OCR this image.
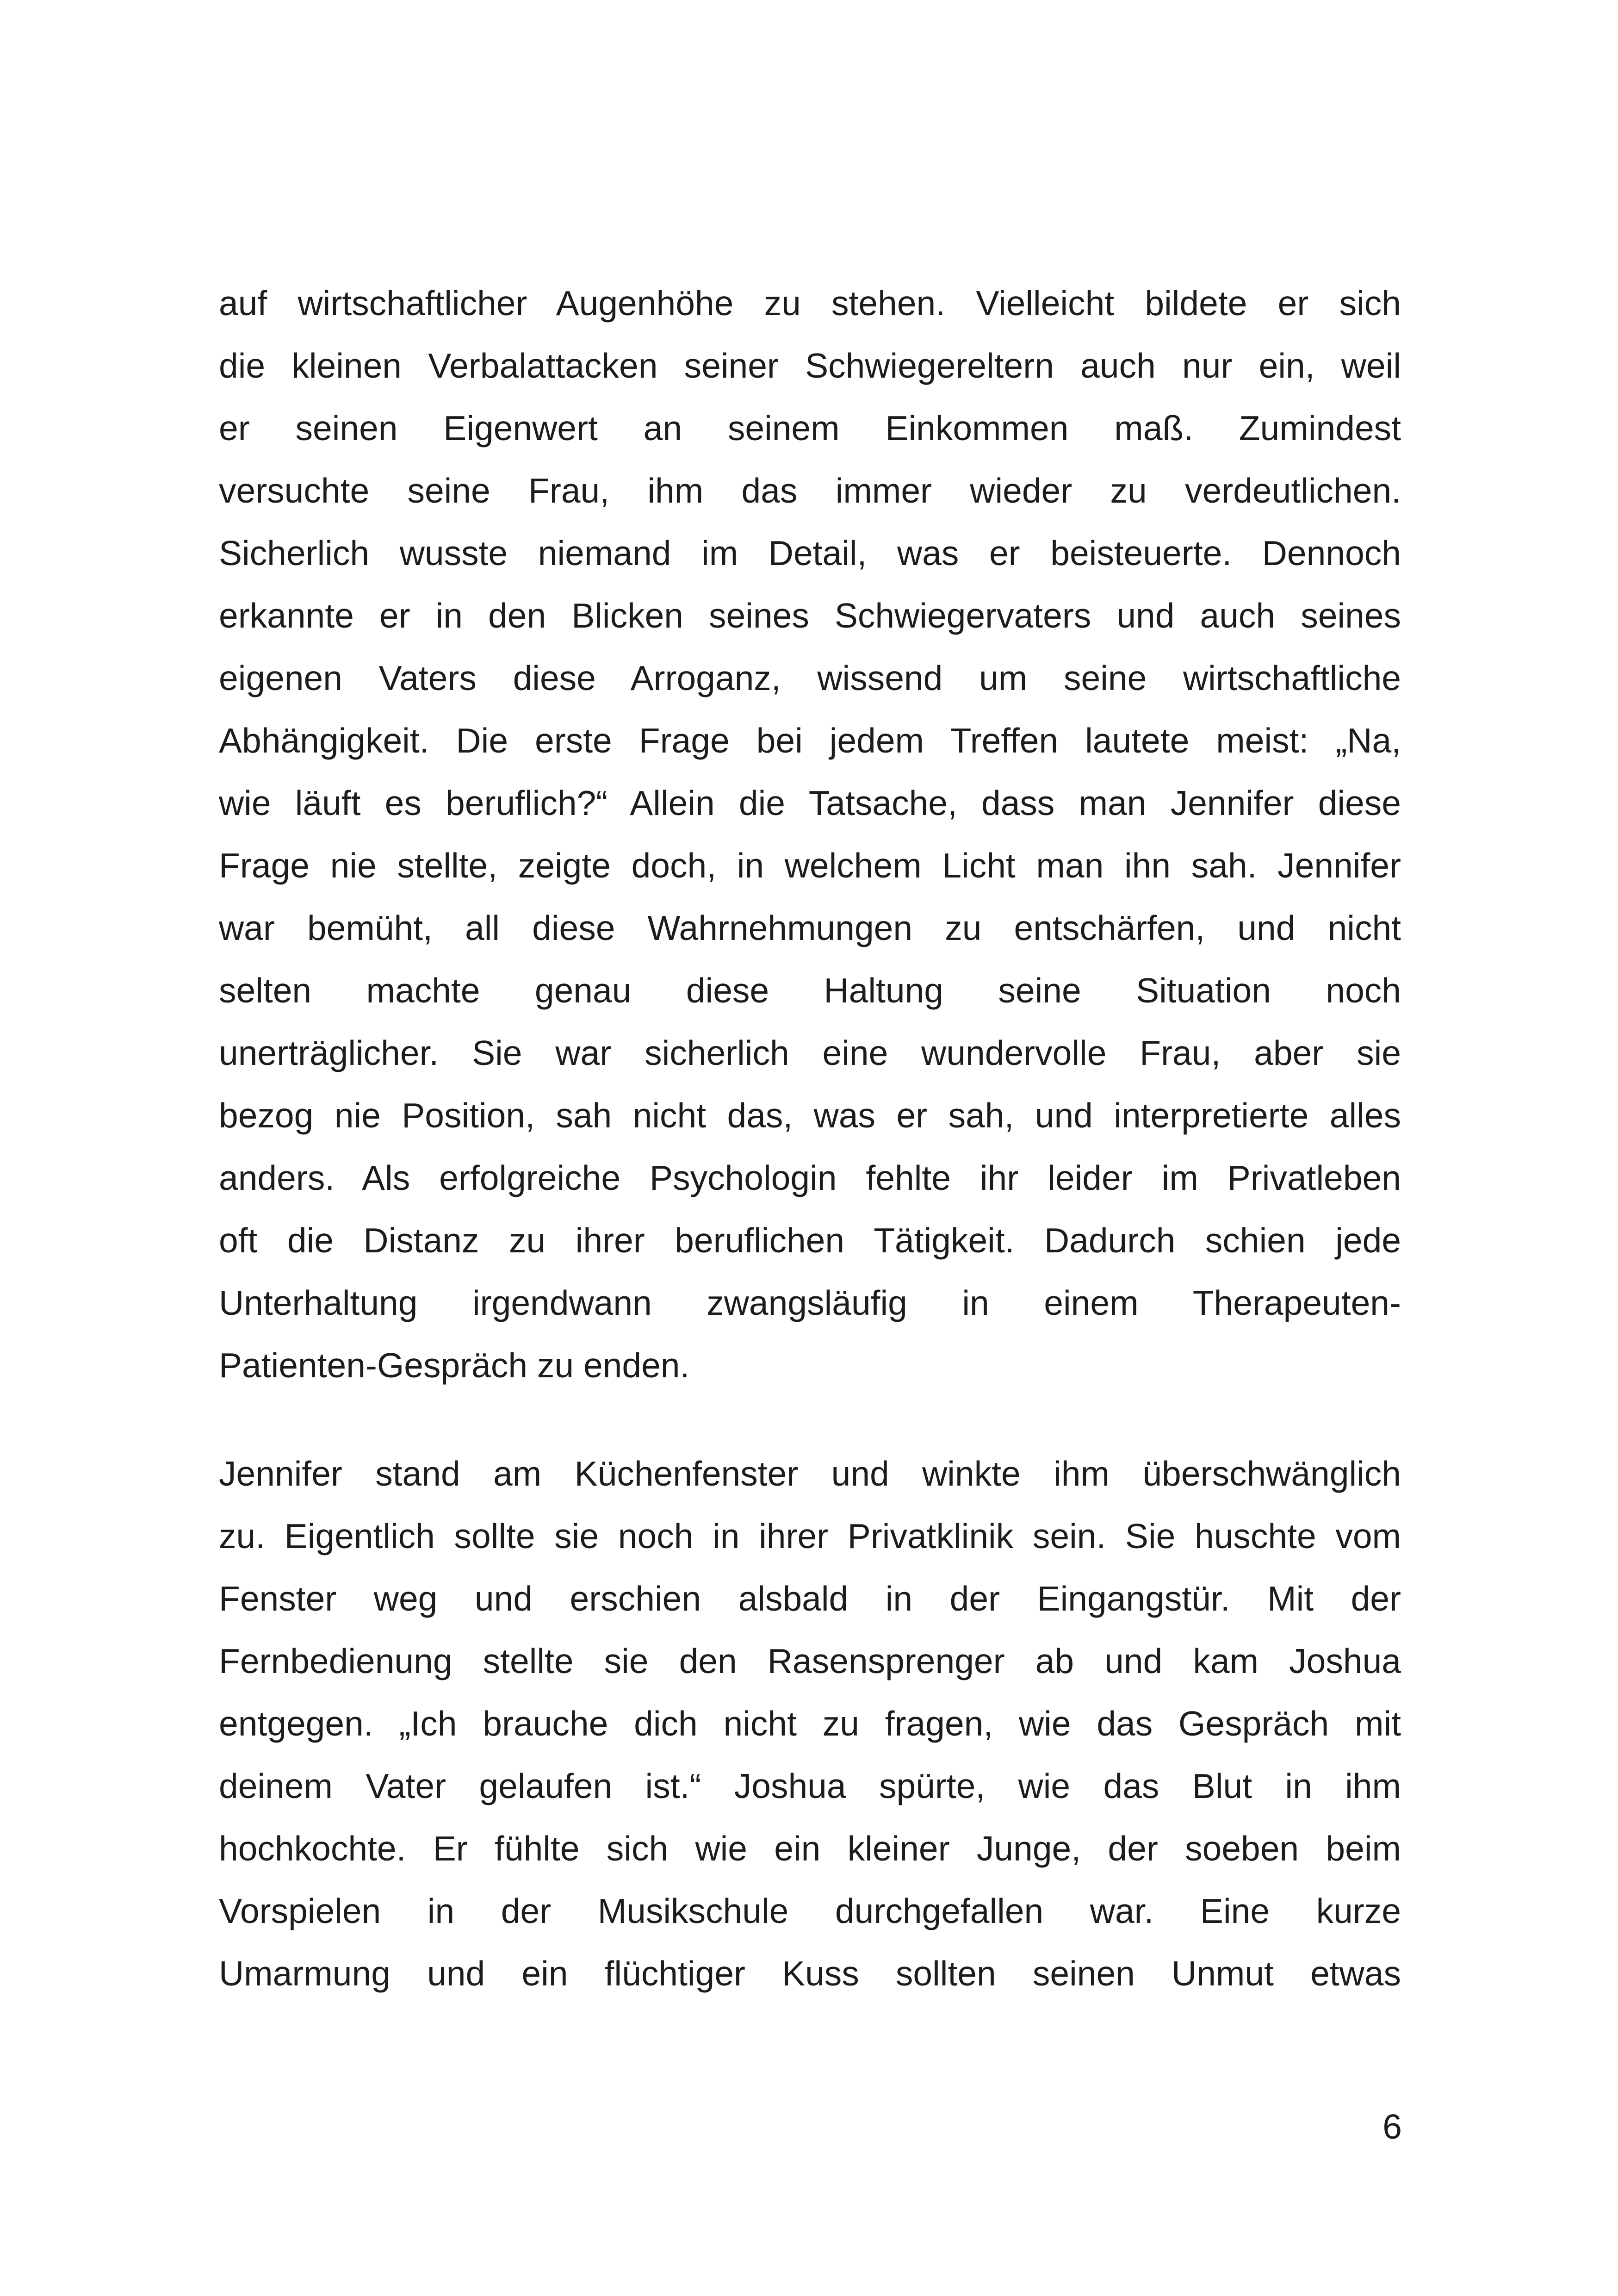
auf wirtschaftlicher Augenhöhe zu stehen. Vielleicht bildete er sich
die kleinen Verbalattacken seiner Schwiegereltern auch nur ein, weil
er seinen Eigenwert an seinem Einkommen maß. Zumindest
versuchte seine Frau, ihm das immer wieder zu verdeutlichen.
Sicherlich wusste niemand im Detail, was er beisteuerte. Dennoch
erkannte er in den Blicken seines Schwiegervaters und auch seines
eigenen Vaters diese Arroganz, wissend um seine wirtschaftliche
Abhängigkeit. Die erste Frage bei jedem Treffen lautete meist: „Na,
wie läuft es beruflich?“ Allein die Tatsache, dass man Jennifer diese
Frage nie stellte, zeigte doch, in welchem Licht man ihn sah. Jennifer
war bemüht, all diese Wahrnehmungen zu entschärfen, und nicht
selten machte genau diese Haltung seine Situation noch
unerträglicher. Sie war sicherlich eine wundervolle Frau, aber sie
bezog nie Position, sah nicht das, was er sah, und interpretierte alles
anders. Als erfolgreiche Psychologin fehlte ihr leider im Privatleben
oft die Distanz zu ihrer beruflichen Tätigkeit. Dadurch schien jede
Unterhaltung irgendwann zwangsläufig in einem Therapeuten-
Patienten-Gespräch zu enden.
Jennifer stand am Küchenfenster und winkte ihm überschwänglich
zu. Eigentlich sollte sie noch in ihrer Privatklinik sein. Sie huschte vom
Fenster weg und erschien alsbald in der Eingangstür. Mit der
Fernbedienung stellte sie den Rasensprenger ab und kam Joshua
entgegen. „Ich brauche dich nicht zu fragen, wie das Gespräch mit
deinem Vater gelaufen ist.“ Joshua spürte, wie das Blut in ihm
hochkochte. Er fühlte sich wie ein kleiner Junge, der soeben beim
Vorspielen in der Musikschule durchgefallen war. Eine kurze
Umarmung und ein flüchtiger Kuss sollten seinen Unmut etwas
6
